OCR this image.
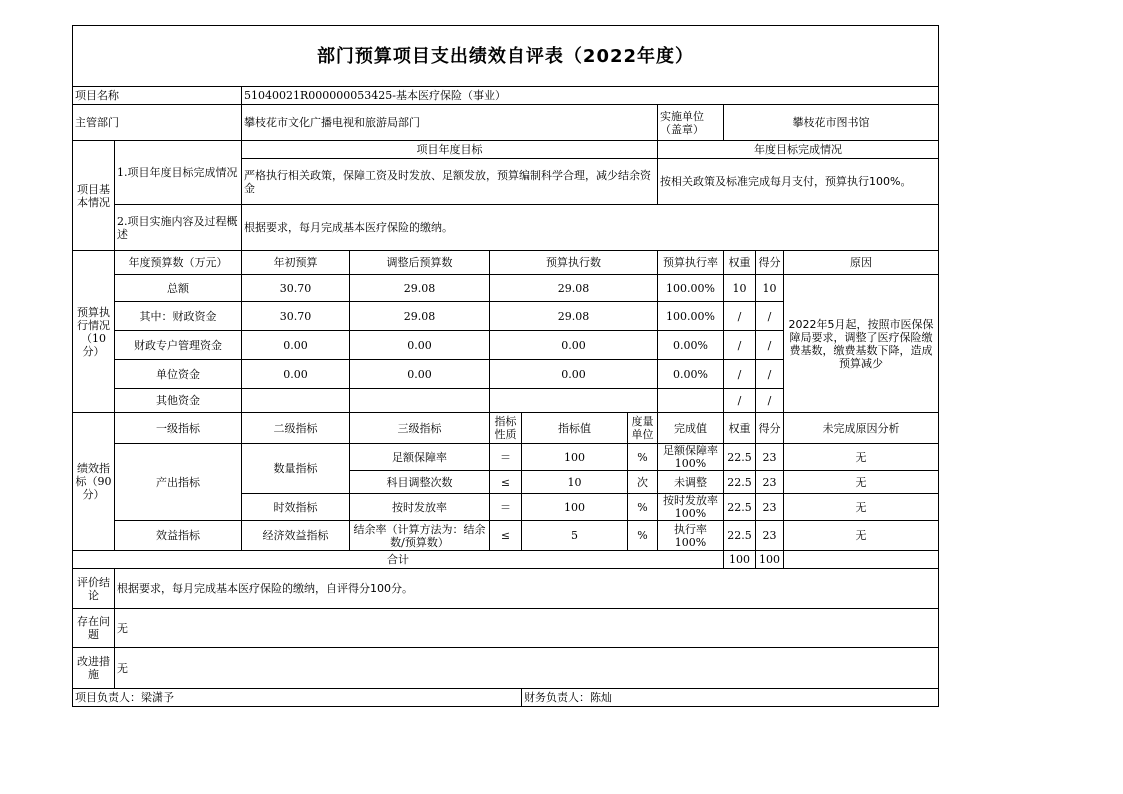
部门预算项目支出绩效自评表（2022年度）										
项目名称		51040021R000000053425-基本医疗保险（事业）								
主管部门		攀枝花市文化广播电视和旅游局部门					实施单位（盖章）	攀枝花市图书馆		
项目基本情况	1.项目年度目标完成情况	项目年度目标					年度目标完成情况			
		严格执行相关政策，保障工资及时发放、足额发放，预算编制科学合理，减少结余资金					按相关政策及标准完成每月支付，预算执行100%。			
	2.项目实施内容及过程概述	根据要求，每月完成基本医疗保险的缴纳。								
预算执行情况（10分）	年度预算数（万元）	年初预算	调整后预算数	预算执行数			预算执行率	权重	得分	原因
	总额	30.70	29.08	29.08			100.00%	10	10	2022年5月起，按照市医保保障局要求，调整了医疗保险缴费基数，缴费基数下降，造成预算减少
	其中：财政资金	30.70	29.08	29.08			100.00%	/	/	
	财政专户管理资金	0.00	0.00	0.00			0.00%	/	/	
	单位资金	0.00	0.00	0.00			0.00%	/	/	
	其他资金							/	/	
绩效指标（90分）	一级指标	二级指标	三级指标	指标性质	指标值	度量单位	完成值	权重	得分	未完成原因分析
	产出指标	数量指标	足额保障率	＝	100	%	足额保障率100%	22.5	23	无
			科目调整次数	≤	10	次	未调整	22.5	23	无
		时效指标	按时发放率	＝	100	%	按时发放率100%	22.5	23	无
	效益指标	经济效益指标	结余率（计算方法为：结余数/预算数）	≤	5	%	执行率100%	22.5	23	无
合计								100	100	
评价结论	根据要求，每月完成基本医疗保险的缴纳，自评得分100分。									
存在问题	无									
改进措施	无									
项目负责人：梁潇予					财务负责人：陈灿					
